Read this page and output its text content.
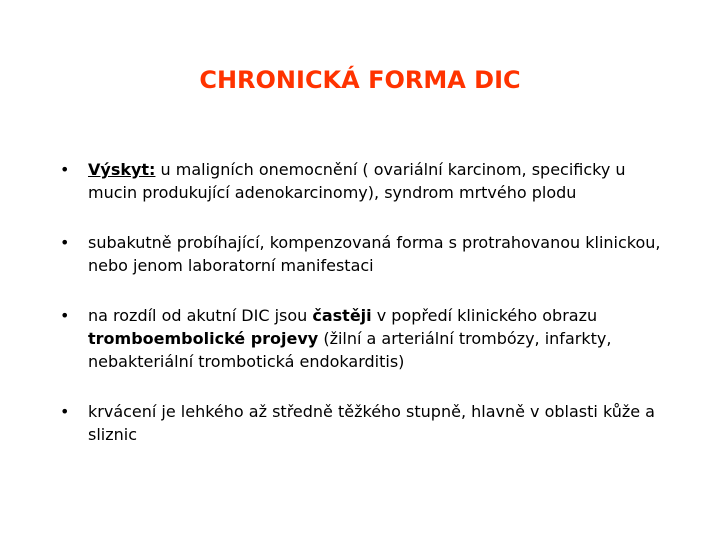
CHRONICKÁ FORMA DIC
• Výskyt: u maligních onemocnění ( ovariální karcinom, specificky u mucin produkující adenokarcinomy), syndrom mrtvého plodu
• subakutně probíhající, kompenzovaná forma s protrahovanou klinickou, nebo jenom laboratorní manifestaci
• na rozdíl od akutní DIC jsou častěji v popředí klinického obrazu tromboembolické projevy (žilní a arteriální trombózy, infarkty, nebakteriální trombotická endokarditis)
• krvácení je lehkého až středně těžkého stupně, hlavně v oblasti kůže a sliznic
